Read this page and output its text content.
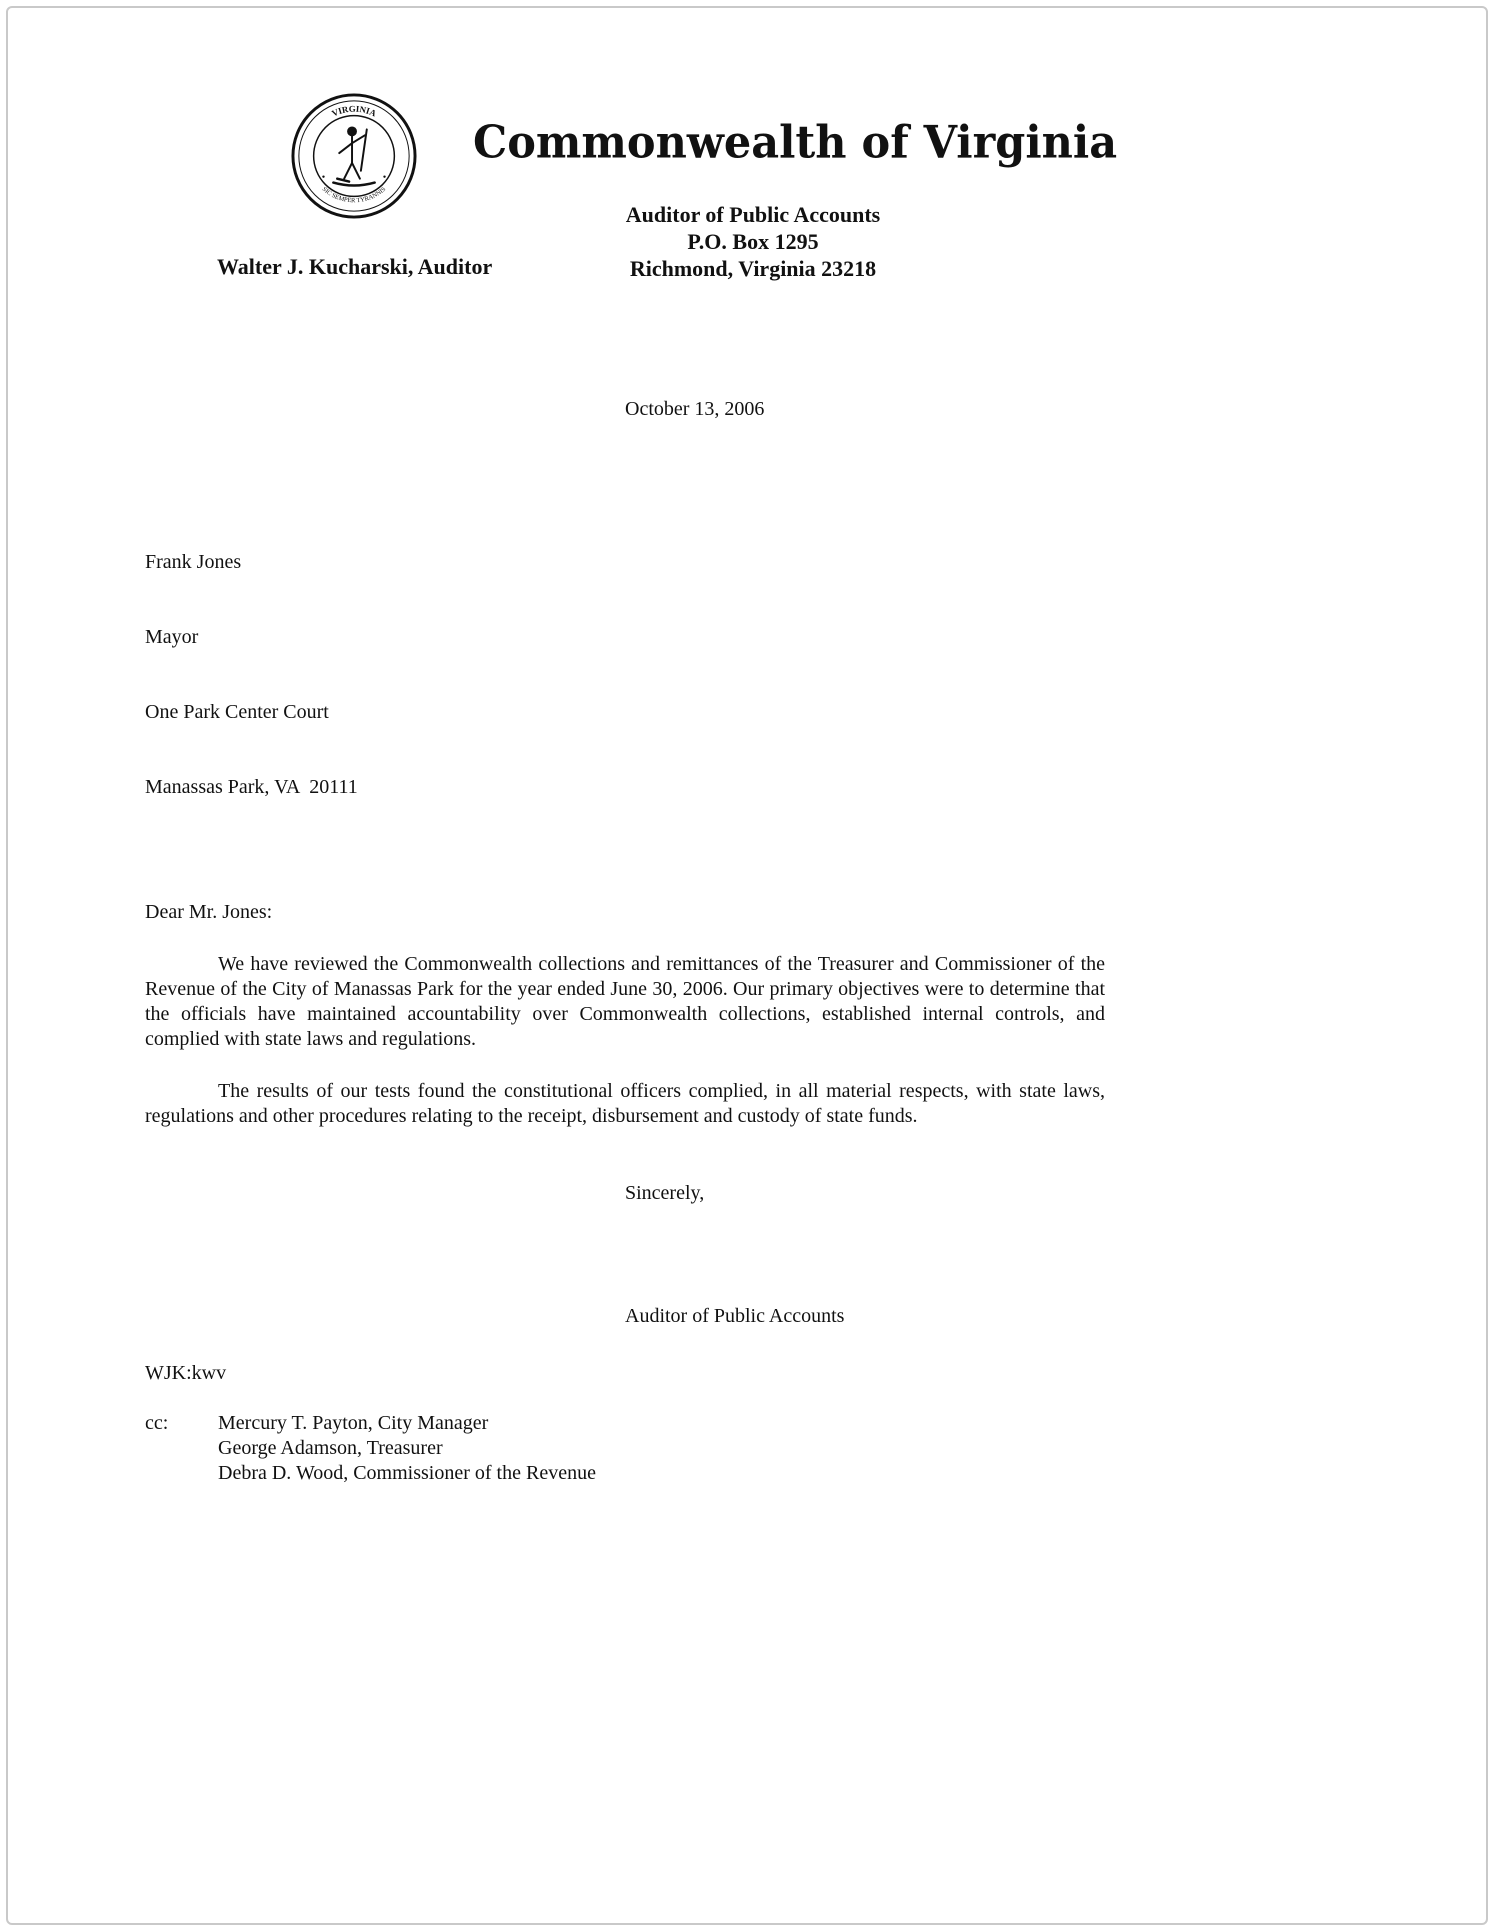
VIRGINIA
SIC SEMPER TYRANNIS
Commonwealth of Virginia
Auditor of Public Accounts
P.O. Box 1295
Richmond, Virginia 23218
Walter J. Kucharski, Auditor
October 13, 2006

Frank Jones

Mayor

One Park Center Court

Manassas Park, VA  20111

Dear Mr. Jones:
We have reviewed the Commonwealth collections and remittances of the Treasurer and Commissioner of the Revenue of the City of Manassas Park for the year ended June 30, 2006. Our primary objectives were to determine that the officials have maintained accountability over Commonwealth collections, established internal controls, and complied with state laws and regulations.
The results of our tests found the constitutional officers complied, in all material respects, with state laws, regulations and other procedures relating to the receipt, disbursement and custody of state funds.
Sincerely,
Auditor of Public Accounts
WJK:kwv
cc:	Mercury T. Payton, City Manager
George Adamson, Treasurer
Debra D. Wood, Commissioner of the Revenue
